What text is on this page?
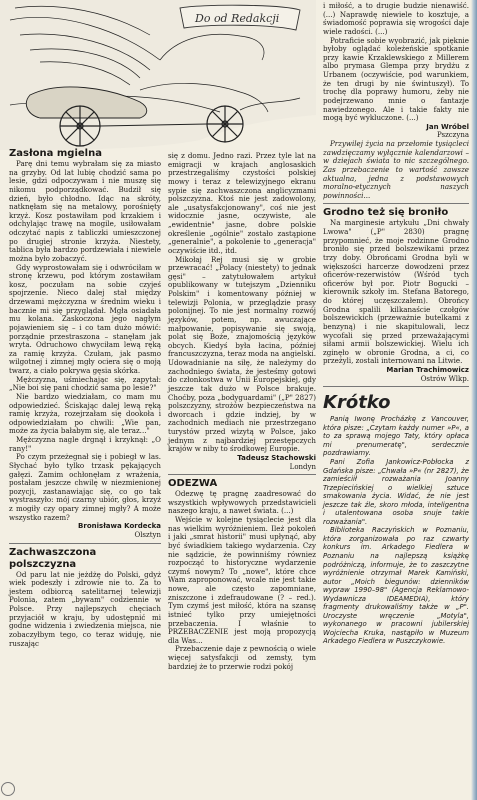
Do od Redakcji
Zasłona mgielna

Parę dni temu wybrałam się za miasto na grzyby. Od lat lubię chodzić sama po lesie, gdzi odpoczywam i nie muszę się nikomu podporządkować. Budził się dzień, było chłodno. Idąc na skróty, natknęłam się na metalowy, porośnięty krzyż. Kosz postawiłam pod krzakiem i odchylając trawę na mogile, usiłowałam odczytać napis z tabliczki umieszczonej po drugiej stronie krzyża. Niestety, tablica była bardzo pordzewiała i niewiele można było zobaczyć.

Gdy wyprostowałam się i odwróciłam w stronę krzewu, pod którym zostawiłam kosz, poczułam na sobie czyjeś spojrzenie. Nieco dalej stał między drzewami mężczyzna w średnim wieku i bacznie mi się przyglądał. Mgła osiadała mu kolana. Zaskoczona jego nagłym pojawieniem się – i co tam dużo mówić: porządnie przestraszona – stanęłam jak wryta. Odruchowo chwyciłam lewą ręką za ramię krzyża. Czułam, jak pasmo wilgotnej i zimnej mgły ociera się o moją twarz, a ciało pokrywa gęsia skórka.

Mężczyzna, uśmiechając się, zapytał: „Nie boi się pani chodzić sama po lesie?"

Nie bardzo wiedziałam, co mam mu odpowiedzieć. Ściskając dalej lewą ręką ramię krzyża, rozejrzałam się dookoła i odpowiedziałam po chwili: „Wie pan, może za życia bałabym się, ale teraz..."

Mężczyzna nagle drgnął i krzyknął: „O rany!"

Po czym przeżegnał się i pobiegł w las. Słychać było tylko trzask pękających gałęzi. Zamim ochłonęłam z wrażenia, postałam jeszcze chwilę w niezmienionej pozycji, zastanawiając się, co go tak wystraszyło: mój czarny ubiór, głos, krzyż z mogiły czy opary zimnej mgły? A może wszystko razem?

Bronisława Kordecka

Olsztyn

Zachwaszczona polszczyzna

Od paru lat nie jeżdżę do Polski, gdyż wiek podeszły i zdrowie nie to. Za to jestem odbiorcą satelitarnej telewizji Polonia, zatem „bywam" codziennie w Polsce. Przy najlepszych chęciach przyjaciół w kraju, by udostępnić mi godne widzenia i zwiedzenia miejsca, nie zobaczyłbym tego, co teraz widuję, nie ruszając

się z domu. Jedno razi. Przez tyle lat na emigracji w krajach anglosaskich przestrzegaliśmy czystości polskiej mowy i teraz z telewizyjnego ekranu sypie się zachwaszczona anglicyzmami polszczyzna. Ktoś nie jest zadowolony, ale „usatysfakcjonowany", coś nie jest widocznie jasne, oczywiste, ale „ewidentnie" jasne, dobre polskie określenie „ogólnie" zostało zastąpione „generalnie", a pokolenie to „generacja" oczywiście itd., itd.

Mikołaj Rej musi się w grobie przewracać! „Polacy (niestety) to jednak gęsi" – zatytułowałem artykuł opublikowany w tutejszym „Dzienniku Polskim" i komentowany później w telewizji Polonia, w przeglądzie prasy polonijnej. To nie jest normalny rozwój języków, potem, np. awuczające małpowanie, popisywanie się swoją, polat się Boże, znajomością języków obcych. Kiedyś była łacina, później francuszczyzna, teraz moda na angielski. Udowadnianie na siłę, że należymy do zachodniego świata, że jesteśmy gotowi do członkostwa w Unii Europejskiej, gdy jeszcze tak dużo w Polsce brakuje. Choćby, poza „bodyguardami" („P" 2827) polszczyzny, strożów bezpieczeństwa na dworcach i gdzie indziej, by w zachodnich mediach nie przestrzegano turystów przed wizytą w Polsce, jako jednym z najbardziej przestępczych krajów w niby to środkowej Europie.

Tadeusz Stachowski

Londyn

ODEZWA

Odezwę tę pragnę zaadresować do wszystkich wpływowych przedstawicieli naszego kraju, a nawet świata. (...)

Wejście w kolejne tysiąclecie jest dla nas wielkim wyróżnieniem. Ileż pokoleń i jaki „smrat historii" musi upłynąć, aby być świadkiem takiego wydarzenia. Czy nie sądzicie, że powinniśmy równiez rozpocząć to historyczne wydarzenie czymś nowym? To „nowe", które chce Wam zaproponować, wcale nie jest takie nowe, ale często zapomniane, zniszczone i zdefraudowane (? – red.). Tym czymś jest miłość, która na szansę istnieć tylko przy umiejętności przebaczenia. I właśnie to PRZEBACZENIE jest moją propozycją dla Was...

Przebaczenie daje z pewnością o wiele więcej satysfakcji od zemsty, tym bardziej że to przerwie rodzi pokój

i miłość, a to drugie budzie nienawiść. (...) Naprawdę niewiele to kosztuje, a świadomość poprawia się wrogości daje wiele radości. (...)

Potraficie sobie wyobrazić, jak pięknie byłoby oglądać koleżeńskie spotkanie przy kawie Krzaklewskiego z Millerem albo prymasa Glempa przy brydżu z Urbanem (oczywiście, pod warunkiem, że ten drugi by nie świntuszył). To trochę dla poprawy humoru, żeby nie podejrzewano mnie o fantazje nawiedzonego. Ale i takie fakty nie mogą być wykluczone. (...)

Jan Wróbel

Pszczyna

Przywilej życia na przełomie tysiącleci zawdzięczamy wyłącznie kalendarzowi – w dziejach świata to nic szczególnego. Zas przebaczenie to wartość zawsze aktualna, jedna z podstawowych moralno-etycznych naszych powinności...

Grodno też się broniło

Na marginesie artykułu „Dni chwały Lwowa" („P" 2830) pragnę przypomnieć, że moje rodzinne Grodno broniło się przed bolszewikami przez trzy doby. Obrońcami Grodna byli w większości harcerze dowodzeni przez oficerów-rezerwistów (Wśród tych oficerów był por. Piotr Bogucki – kierownik szkoły im. Stefana Batorego, do której uczęszczałem). Obrońcy Grodna spalili kilkanaście czołgów bolszewickich (przeważnie butelkami z benzyną) i nie skapitulowali, lecz wycofali się przed przeważającymi siłami armii bolszewickiej. Wielu ich zginęło w obronie Grodna, a ci, co przeżyli, zostali internowani na Litwie.

Marian Trachimowicz

Ostrów Wlkp.

Krótko

Panią Iwonę Procházkę z Vancouver, która pisze: „Czytam każdy numer »P«, a to za sprawą mojego Taty, który opłaca mi prenumeratę", serdecznie pozdrawiamy.

Pani Zofia Jankowicz-Pobłocka z Gdańska pisze: „Chwała »P« (nr 2827), że zamieściił rozważania Joanny Trzepiecińskiej o wielkiej sztuce smakowania życia. Widać, że nie jest jeszcze tak źle, skoro młoda, inteligentna i utalentowana osoba snuje takie rozważania".

Biblioteka Raczyńskich w Poznaniu, która zorganizowała po raz czwarty konkurs im. Arkadego Fiedlera w Poznaniu na najlepszą książkę podróżniczą, informuje, że to zaszczytne wyróżnienie otrzymał Marek Kamiński, autor „Moich biegunów: dzienników wypraw 1990–98" (Agencja Reklamowo-Wydawnicza IDEAMEDIA), który fragmenty drukowaliśmy także w „P". Uroczyste wręczenie „Motyla", wykonanego w pracowni jubilerskiej Wojciecha Kruka, nastąpiło w Muzeum Arkadego Fiedlera w Puszczykowie.
